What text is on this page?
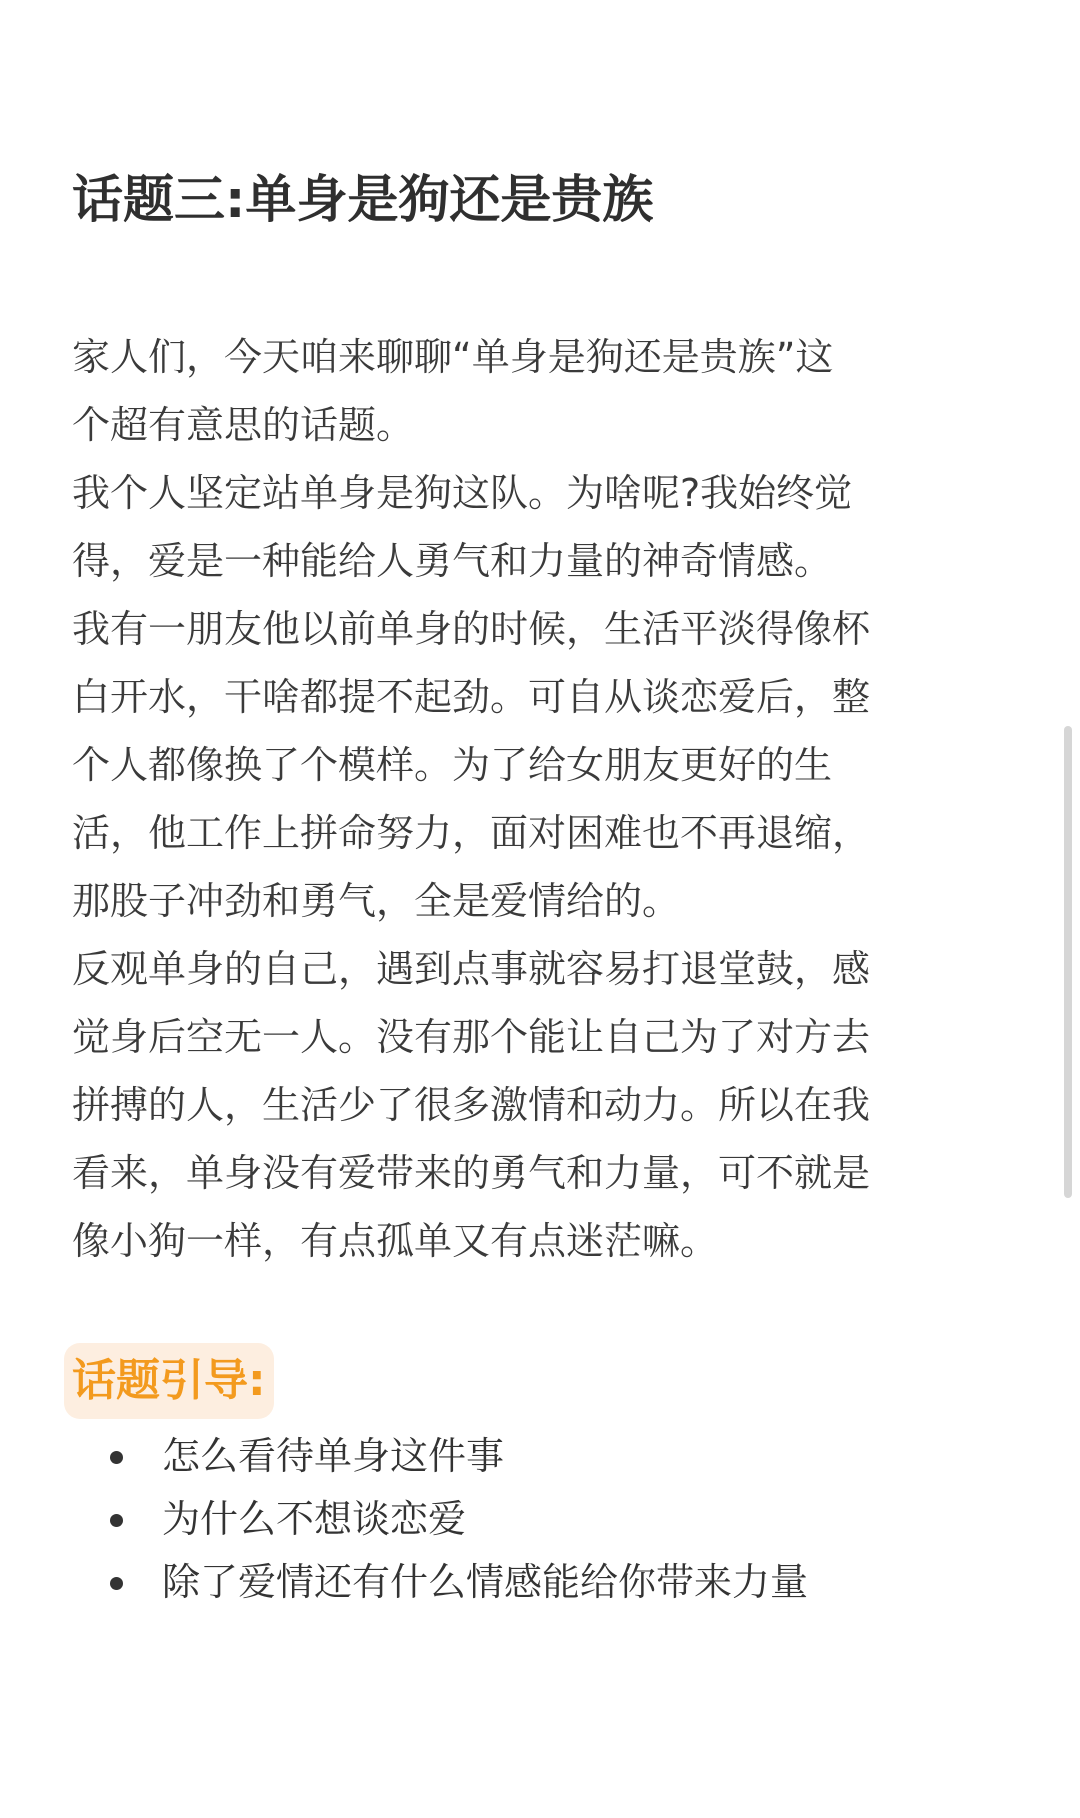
话题三:单身是狗还是贵族

家人们，今天咱来聊聊“单身是狗还是贵族”这

个超有意思的话题。

我个人坚定站单身是狗这队。为啥呢?我始终觉

得，爱是一种能给人勇气和力量的神奇情感。

我有一朋友他以前单身的时候，生活平淡得像杯

白开水，干啥都提不起劲。可自从谈恋爱后，整

个人都像换了个模样。为了给女朋友更好的生

活，他工作上拼命努力，面对困难也不再退缩，

那股子冲劲和勇气，全是爱情给的。

反观单身的自己，遇到点事就容易打退堂鼓，感

觉身后空无一人。没有那个能让自己为了对方去

拼搏的人，生活少了很多激情和动力。所以在我

看来，单身没有爱带来的勇气和力量，可不就是

像小狗一样，有点孤单又有点迷茫嘛。

话题引导:
怎么看待单身这件事
为什么不想谈恋爱
除了爱情还有什么情感能给你带来力量
